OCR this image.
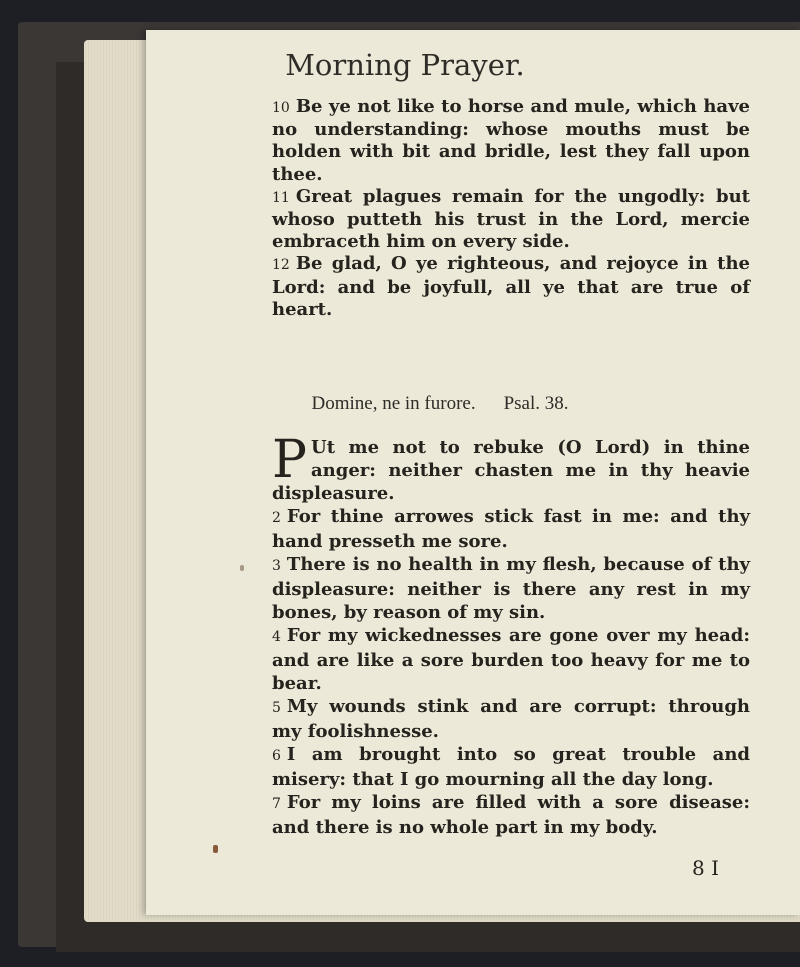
Morning Prayer.

10 Be ye not like to horse and mule, which have no understanding: whose mouths must be holden with bit and bridle, lest they fall upon thee.

11 Great plagues remain for the ungodly: but whoso putteth his trust in the Lord, mercie embraceth him on every side.

12 Be glad, O ye righteous, and rejoyce in the Lord: and be joyfull, all ye that are true of heart.

Domine, ne in furore. Psal. 38.

P Ut me not to rebuke (O Lord) in thine anger: neither chasten me in thy heavie displeasure.

2 For thine arrowes stick fast in me: and thy hand presseth me sore.

3 There is no health in my flesh, because of thy displeasure: neither is there any rest in my bones, by reason of my sin.

4 For my wickednesses are gone over my head: and are like a sore burden too heavy for me to bear.

5 My wounds stink and are corrupt: through my foolishnesse.

6 I am brought into so great trouble and misery: that I go mourning all the day long.

7 For my loins are filled with a sore disease: and there is no whole part in my body.

8 I
